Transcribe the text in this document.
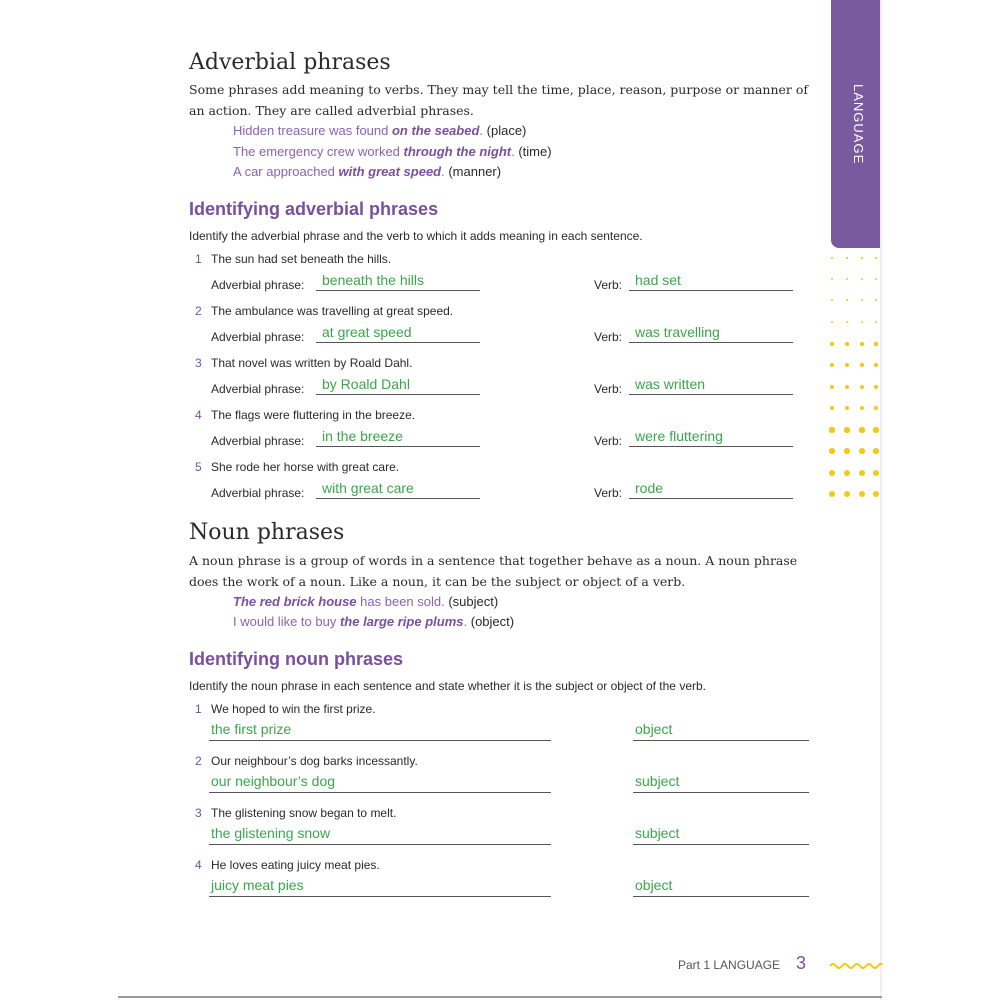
LANGUAGE
Adverbial phrases
Some phrases add meaning to verbs. They may tell the time, place, reason, purpose or manner of an action. They are called adverbial phrases.
Hidden treasure was found on the seabed. (place)
The emergency crew worked through the night. (time)
A car approached with great speed. (manner)
Identifying adverbial phrases
Identify the adverbial phrase and the verb to which it adds meaning in each sentence.
1 The sun had set beneath the hills.
Adverbial phrase: beneath the hills	Verb: had set
2 The ambulance was travelling at great speed.
Adverbial phrase: at great speed	Verb: was travelling
3 That novel was written by Roald Dahl.
Adverbial phrase: by Roald Dahl	Verb: was written
4 The flags were fluttering in the breeze.
Adverbial phrase: in the breeze	Verb: were fluttering
5 She rode her horse with great care.
Adverbial phrase: with great care	Verb: rode
Noun phrases
A noun phrase is a group of words in a sentence that together behave as a noun. A noun phrase does the work of a noun. Like a noun, it can be the subject or object of a verb.
The red brick house has been sold. (subject)
I would like to buy the large ripe plums. (object)
Identifying noun phrases
Identify the noun phrase in each sentence and state whether it is the subject or object of the verb.
1 We hoped to win the first prize.
the first prize	object
2 Our neighbour’s dog barks incessantly.
our neighbour’s dog	subject
3 The glistening snow began to melt.
the glistening snow	subject
4 He loves eating juicy meat pies.
juicy meat pies	object
Part 1 LANGUAGE 3
